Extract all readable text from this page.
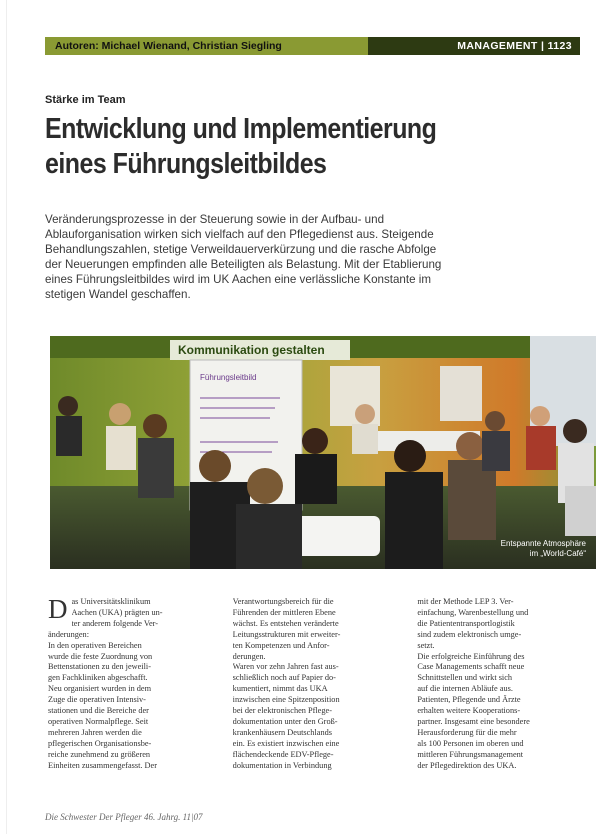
Autoren: Michael Wienand, Christian Siegling	MANAGEMENT | 1123
Stärke im Team
Entwicklung und Implementierung
eines Führungsleitbildes
Veränderungsprozesse in der Steuerung sowie in der Aufbau- und
Ablauforganisation wirken sich vielfach auf den Pflegedienst aus. Steigende
Behandlungszahlen, stetige Verweildauerverkürzung und die rasche Abfolge
der Neuerungen empfinden alle Beteiligten als Belastung. Mit der Etablierung
eines Führungsleitbildes wird im UK Aachen eine verlässliche Konstante im
stetigen Wandel geschaffen.
Kommunikation gestalten
Führungsleitbild
Entspannte Atmosphäre
im „World-Café“
D as Universitätsklinikum
Aachen (UKA) prägten un-
ter anderem folgende Ver-
änderungen:
In den operativen Bereichen
wurde die feste Zuordnung von
Bettenstationen zu den jeweili-
gen Fachkliniken abgeschafft.
Neu organisiert wurden in dem
Zuge die operativen Intensiv-
stationen und die Bereiche der
operativen Normalpflege. Seit
mehreren Jahren werden die
pflegerischen Organisationsbe-
reiche zunehmend zu größeren
Einheiten zusammengefasst. Der
Verantwortungsbereich für die
Führenden der mittleren Ebene
wächst. Es entstehen veränderte
Leitungsstrukturen mit erweiter-
ten Kompetenzen und Anfor-
derungen.
Waren vor zehn Jahren fast aus-
schließlich noch auf Papier do-
kumentiert, nimmt das UKA
inzwischen eine Spitzenposition
bei der elektronischen Pflege-
dokumentation unter den Groß-
krankenhäusern Deutschlands
ein. Es existiert inzwischen eine
flächendeckende EDV-Pflege-
dokumentation in Verbindung
mit der Methode LEP 3. Ver-
einfachung, Warenbestellung und
die Patiententransportlogistik
sind zudem elektronisch umge-
setzt.
Die erfolgreiche Einführung des
Case Managements schafft neue
Schnittstellen und wirkt sich
auf die internen Abläufe aus.
Patienten, Pflegende und Ärzte
erhalten weitere Kooperations-
partner. Insgesamt eine besondere
Herausforderung für die mehr
als 100 Personen im oberen und
mittleren Führungsmanagement
der Pflegedirektion des UKA.
Die Schwester Der Pfleger 46. Jahrg. 11|07
